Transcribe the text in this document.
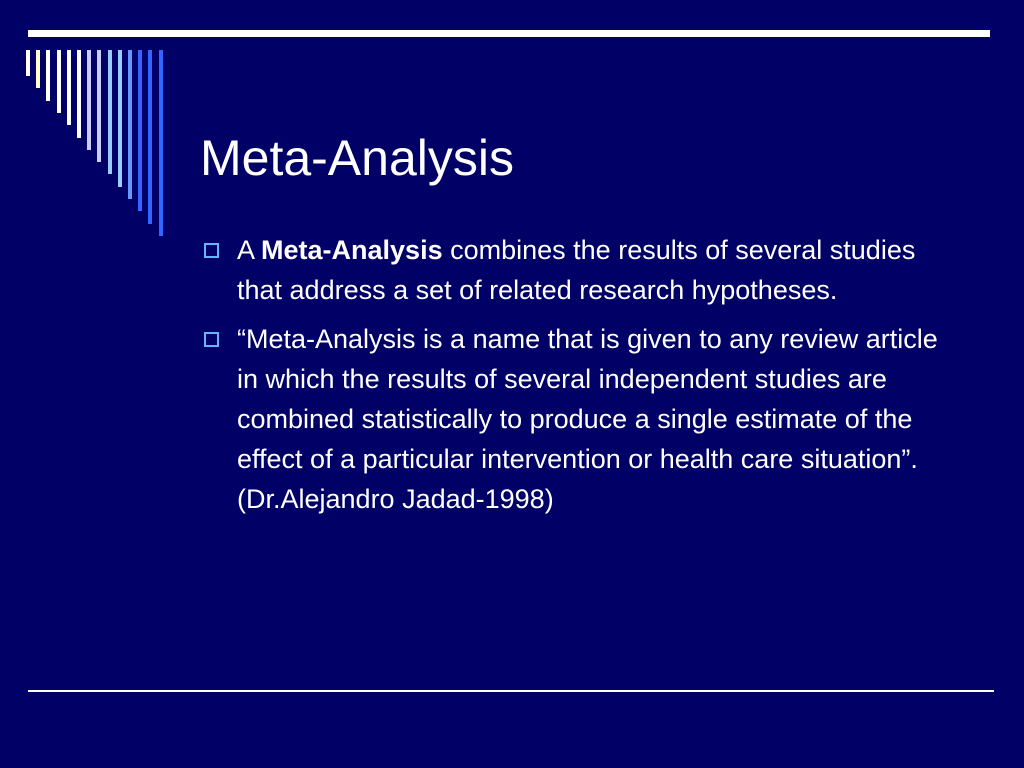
Meta-Analysis
A Meta-Analysis combines the results of several studies that address a set of related research hypotheses.
“Meta-Analysis is a name that is given to any review article in which the results of several independent studies are combined statistically to produce a single estimate of the effect of a particular intervention or health care situation”.(Dr.Alejandro Jadad-1998)
